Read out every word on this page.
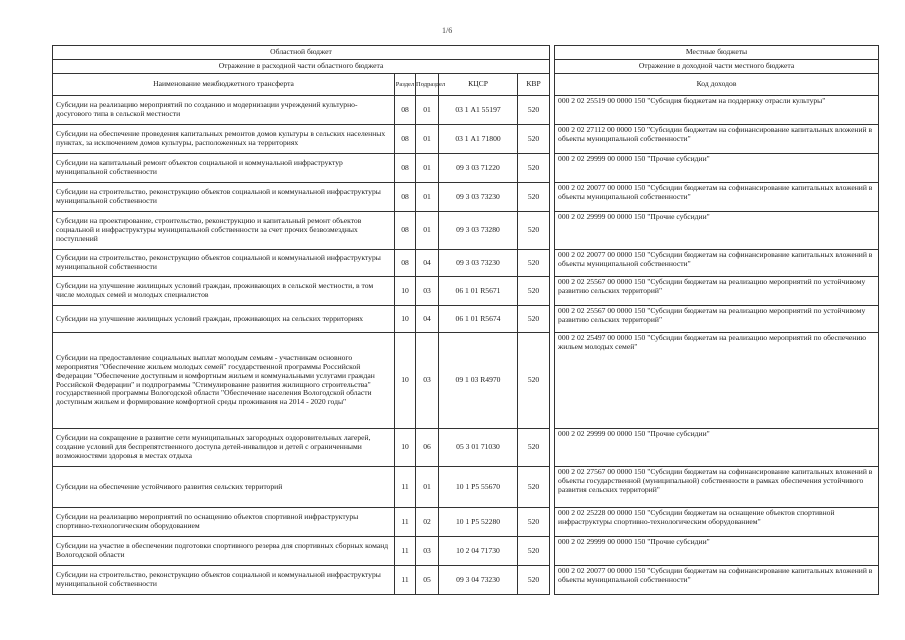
1/6
Областной бюджет						Местные бюджеты
Отражение в расходной части областного бюджета						Отражение в доходной части местного бюджета
Наименование межбюджетного трансферта	Раздел	Подраздел	КЦСР	КВР		Код доходов
Субсидии на реализацию мероприятий по созданию и модернизации учреждений культурно-досугового типа в сельской местности	08	01	03 1 А1 55197	520		000 2 02 25519 00 0000 150 "Субсидия бюджетам на поддержку отрасли культуры"
Субсидии на обеспечение проведения капитальных ремонтов домов культуры в сельских населенных пунктах, за исключением домов культуры, расположенных на территориях	08	01	03 1 А1 71800	520		000 2 02 27112 00 0000 150 "Субсидии бюджетам на софинансирование капитальных вложений в объекты муниципальной собственности"
Субсидии на капитальный ремонт объектов социальной и коммунальной инфраструктур муниципальной собственности	08	01	09 3 03 71220	520		000 2 02 29999 00 0000 150 "Прочие субсидии"
Субсидии на строительство, реконструкцию объектов социальной и коммунальной инфраструктуры муниципальной собственности	08	01	09 3 03 73230	520		000 2 02 20077 00 0000 150 "Субсидии бюджетам на софинансирование капитальных вложений в объекты муниципальной собственности"
Субсидии на проектирование, строительство, реконструкцию и капитальный ремонт объектов социальной и инфраструктуры муниципальной собственности за счет прочих безвозмездных поступлений	08	01	09 3 03 73280	520		000 2 02 29999 00 0000 150 "Прочие субсидии"
Субсидии на строительство, реконструкцию объектов социальной и коммунальной инфраструктуры муниципальной собственности	08	04	09 3 03 73230	520		000 2 02 20077 00 0000 150 "Субсидии бюджетам на софинансирование капитальных вложений в объекты муниципальной собственности"
Субсидии на улучшение жилищных условий граждан, проживающих в сельской местности, в том числе молодых семей и молодых специалистов	10	03	06 1 01 R5671	520		000 2 02 25567 00 0000 150 "Субсидии бюджетам на реализацию мероприятий по устойчивому развитию сельских территорий"
Субсидии на улучшение жилищных условий граждан, проживающих на сельских территориях	10	04	06 1 01 R5674	520		000 2 02 25567 00 0000 150 "Субсидии бюджетам на реализацию мероприятий по устойчивому развитию сельских территорий"
Субсидии на предоставление социальных выплат молодым семьям - участникам основного мероприятия "Обеспечение жильем молодых семей" государственной программы Российской Федерации "Обеспечение доступным и комфортным жильем и коммунальными услугами граждан Российской Федерации" и подпрограммы "Стимулирование развития жилищного строительства" государственной программы Вологодской области "Обеспечение населения Вологодской области доступным жильем и формирование комфортной среды проживания на 2014 - 2020 годы"	10	03	09 1 03 R4970	520		000 2 02 25497 00 0000 150 "Субсидии бюджетам на реализацию мероприятий по обеспечению жильем молодых семей"
Субсидии на сокращение в развитие сети муниципальных загородных оздоровительных лагерей, создание условий для беспрепятственного доступа детей-инвалидов и детей с ограниченными возможностями здоровья в местах отдыха	10	06	05 3 01 71030	520		000 2 02 29999 00 0000 150 "Прочие субсидии"
Субсидии на обеспечение устойчивого развития сельских территорий	11	01	10 1 P5 55670	520		000 2 02 27567 00 0000 150 "Субсидии бюджетам на софинансирование капитальных вложений в объекты государственной (муниципальной) собственности в рамках обеспечения устойчивого развития сельских территорий"
Субсидии на реализацию мероприятий по оснащению объектов спортивной инфраструктуры спортивно-технологическим оборудованием	11	02	10 1 P5 52280	520		000 2 02 25228 00 0000 150 "Субсидии бюджетам на оснащение объектов спортивной инфраструктуры спортивно-технологическим оборудованием"
Субсидии на участие в обеспечении подготовки спортивного резерва для спортивных сборных команд Вологодской области	11	03	10 2 04 71730	520		000 2 02 29999 00 0000 150 "Прочие субсидии"
Субсидии на строительство, реконструкцию объектов социальной и коммунальной инфраструктуры муниципальной собственности	11	05	09 3 04 73230	520		000 2 02 20077 00 0000 150 "Субсидии бюджетам на софинансирование капитальных вложений в объекты муниципальной собственности"
